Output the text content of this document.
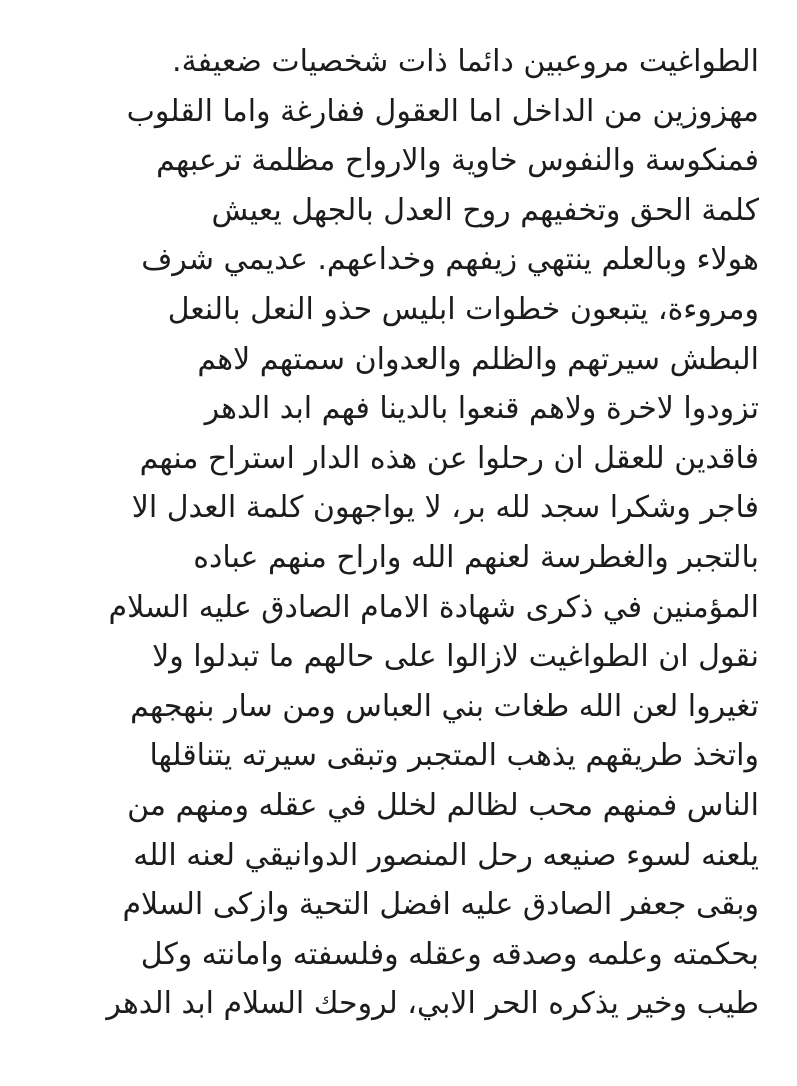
الطواغيت مروعبين دائما ذات شخصيات ضعيفة.
مهزوزين من الداخل اما العقول ففارغة واما القلوب
فمنكوسة والنفوس خاوية والارواح مظلمة ترعبهم
كلمة الحق وتخفيهم روح العدل بالجهل يعيش
هولاء وبالعلم ينتهي زيفهم وخداعهم. عديمي شرف
ومروءة، يتبعون خطوات ابليس حذو النعل بالنعل
البطش سيرتهم والظلم والعدوان سمتهم لاهم
تزودوا لاخرة ولاهم قنعوا بالدينا فهم ابد الدهر
فاقدين للعقل ان رحلوا عن هذه الدار استراح منهم
فاجر وشكرا سجد لله بر، لا يواجهون كلمة العدل الا
بالتجبر والغطرسة لعنهم الله واراح منهم عباده
المؤمنين في ذكرى شهادة الامام الصادق عليه السلام
نقول ان الطواغيت لازالوا على حالهم ما تبدلوا ولا
تغيروا لعن الله طغات بني العباس ومن سار بنهجهم
واتخذ طريقهم يذهب المتجبر وتبقى سيرته يتناقلها
الناس فمنهم محب لظالم لخلل في عقله ومنهم من
يلعنه لسوء صنيعه رحل المنصور الدوانيقي لعنه الله
وبقى جعفر الصادق عليه افضل التحية وازكى السلام
بحكمته وعلمه وصدقه وعقله وفلسفته وامانته وكل
طيب وخير يذكره الحر الابي، لروحك السلام ابد الدهر
